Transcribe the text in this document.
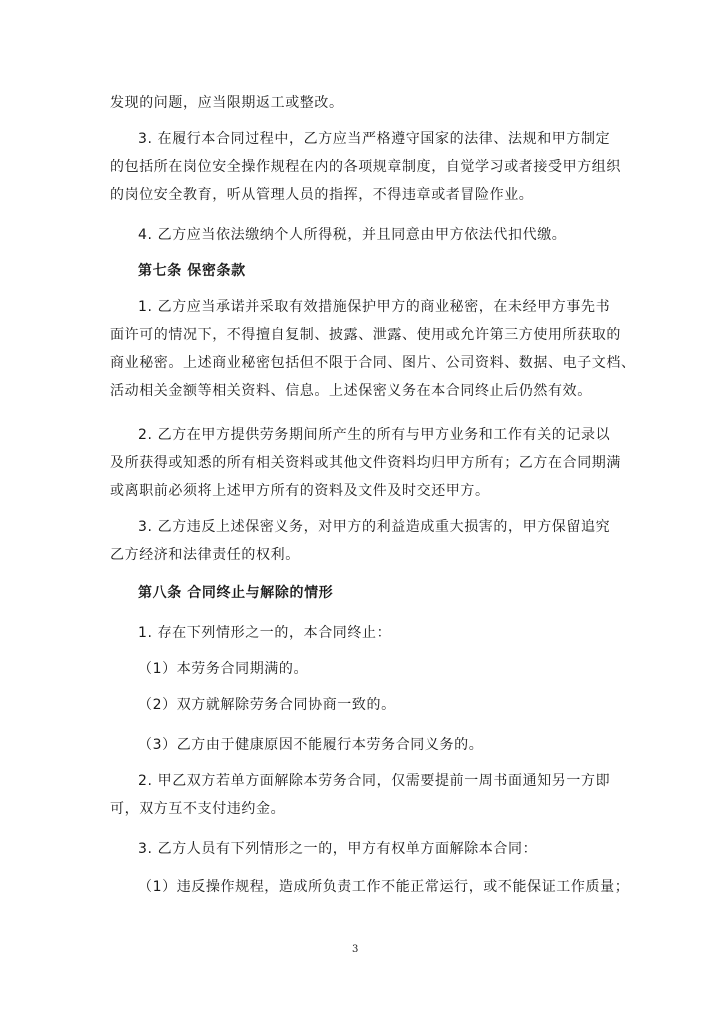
发现的问题，应当限期返工或整改。
3. 在履行本合同过程中，乙方应当严格遵守国家的法律、法规和甲方制定
的包括所在岗位安全操作规程在内的各项规章制度，自觉学习或者接受甲方组织
的岗位安全教育，听从管理人员的指挥，不得违章或者冒险作业。
4. 乙方应当依法缴纳个人所得税，并且同意由甲方依法代扣代缴。
第七条 保密条款
1. 乙方应当承诺并采取有效措施保护甲方的商业秘密，在未经甲方事先书
面许可的情况下，不得擅自复制、披露、泄露、使用或允许第三方使用所获取的
商业秘密。上述商业秘密包括但不限于合同、图片、公司资料、数据、电子文档、
活动相关金额等相关资料、信息。上述保密义务在本合同终止后仍然有效。
2. 乙方在甲方提供劳务期间所产生的所有与甲方业务和工作有关的记录以
及所获得或知悉的所有相关资料或其他文件资料均归甲方所有；乙方在合同期满
或离职前必须将上述甲方所有的资料及文件及时交还甲方。
3. 乙方违反上述保密义务，对甲方的利益造成重大损害的，甲方保留追究
乙方经济和法律责任的权利。
第八条 合同终止与解除的情形
1. 存在下列情形之一的，本合同终止：
（1）本劳务合同期满的。
（2）双方就解除劳务合同协商一致的。
（3）乙方由于健康原因不能履行本劳务合同义务的。
2. 甲乙双方若单方面解除本劳务合同，仅需要提前一周书面通知另一方即
可，双方互不支付违约金。
3. 乙方人员有下列情形之一的，甲方有权单方面解除本合同：
（1）违反操作规程，造成所负责工作不能正常运行，或不能保证工作质量；
3
